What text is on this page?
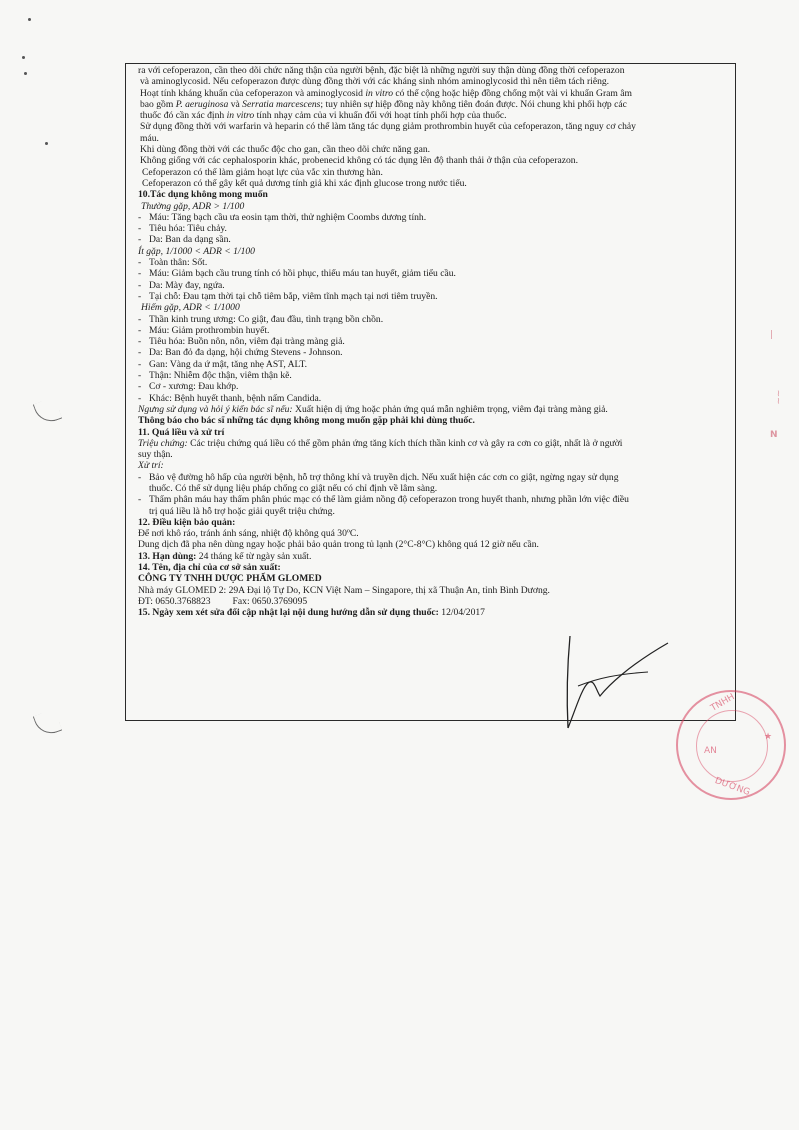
ra với cefoperazon, cần theo dõi chức năng thận của người bệnh, đặc biệt là những người suy thận dùng đồng thời cefoperazon

và aminoglycosid. Nếu cefoperazon được dùng đồng thời với các kháng sinh nhóm aminoglycosid thì nên tiêm tách riêng.

Hoạt tính kháng khuẩn của cefoperazon và aminoglycosid in vitro có thể cộng hoặc hiệp đồng chống một vài vi khuẩn Gram âm

bao gồm P. aeruginosa và Serratia marcescens; tuy nhiên sự hiệp đồng này không tiên đoán được. Nói chung khi phối hợp các

thuốc đó cần xác định in vitro tính nhạy cảm của vi khuẩn đối với hoạt tính phối hợp của thuốc.

Sử dụng đồng thời với warfarin và heparin có thể làm tăng tác dụng giảm prothrombin huyết của cefoperazon, tăng nguy cơ chảy

máu.

Khi dùng đồng thời với các thuốc độc cho gan, cần theo dõi chức năng gan.

Không giống với các cephalosporin khác, probenecid không có tác dụng lên độ thanh thải ở thận của cefoperazon.

Cefoperazon có thể làm giảm hoạt lực của vắc xin thương hàn.

Cefoperazon có thể gây kết quả dương tính giả khi xác định glucose trong nước tiểu.

10.Tác dụng không mong muốn

Thường gặp, ADR > 1/100

- Máu: Tăng bạch cầu ưa eosin tạm thời, thử nghiệm Coombs dương tính.

- Tiêu hóa: Tiêu chảy.

- Da: Ban da dạng sần.

Ít gặp, 1/1000 < ADR < 1/100

- Toàn thân: Sốt.

- Máu: Giảm bạch cầu trung tính có hồi phục, thiếu máu tan huyết, giảm tiểu cầu.

- Da: Mày đay, ngứa.

- Tại chỗ: Đau tạm thời tại chỗ tiêm bắp, viêm tĩnh mạch tại nơi tiêm truyền.

Hiếm gặp, ADR < 1/1000

- Thần kinh trung ương: Co giật, đau đầu, tình trạng bồn chồn.

- Máu: Giảm prothrombin huyết.

- Tiêu hóa: Buồn nôn, nôn, viêm đại tràng màng giả.

- Da: Ban đỏ đa dạng, hội chứng Stevens - Johnson.

- Gan: Vàng da ứ mật, tăng nhẹ AST, ALT.

- Thận: Nhiễm độc thận, viêm thận kẽ.

- Cơ - xương: Đau khớp.

- Khác: Bệnh huyết thanh, bệnh nấm Candida.

Ngưng sử dụng và hỏi ý kiến bác sĩ nếu: Xuất hiện dị ứng hoặc phản ứng quá mẫn nghiêm trọng, viêm đại tràng màng giả.

Thông báo cho bác sĩ những tác dụng không mong muốn gặp phải khi dùng thuốc.

11. Quá liều và xử trí

Triệu chứng: Các triệu chứng quá liều có thể gồm phản ứng tăng kích thích thần kinh cơ và gây ra cơn co giật, nhất là ở người

suy thận.

Xử trí:

- Bảo vệ đường hô hấp của người bệnh, hỗ trợ thông khí và truyền dịch. Nếu xuất hiện các cơn co giật, ngừng ngay sử dụng

thuốc. Có thể sử dụng liệu pháp chống co giật nếu có chỉ định về lâm sàng.

- Thẩm phân máu hay thẩm phân phúc mạc có thể làm giảm nồng độ cefoperazon trong huyết thanh, nhưng phần lớn việc điều

trị quá liều là hỗ trợ hoặc giải quyết triệu chứng.

12. Điều kiện bảo quản:

Để nơi khô ráo, tránh ánh sáng, nhiệt độ không quá 30ºC.

Dung dịch đã pha nên dùng ngay hoặc phải bảo quản trong tủ lạnh (2°C-8°C) không quá 12 giờ nếu cần.

13. Hạn dùng: 24 tháng kể từ ngày sản xuất.

14. Tên, địa chỉ của cơ sở sản xuất:

CÔNG TY TNHH DƯỢC PHẨM GLOMED

Nhà máy GLOMED 2: 29A Đại lộ Tự Do, KCN Việt Nam – Singapore, thị xã Thuận An, tỉnh Bình Dương.

ĐT: 0650.3768823 Fax: 0650.3769095

15. Ngày xem xét sửa đổi cập nhật lại nội dung hướng dẫn sử dụng thuốc: 12/04/2017

TNHH
AN
★
DƯƠNG
|
~~
N
